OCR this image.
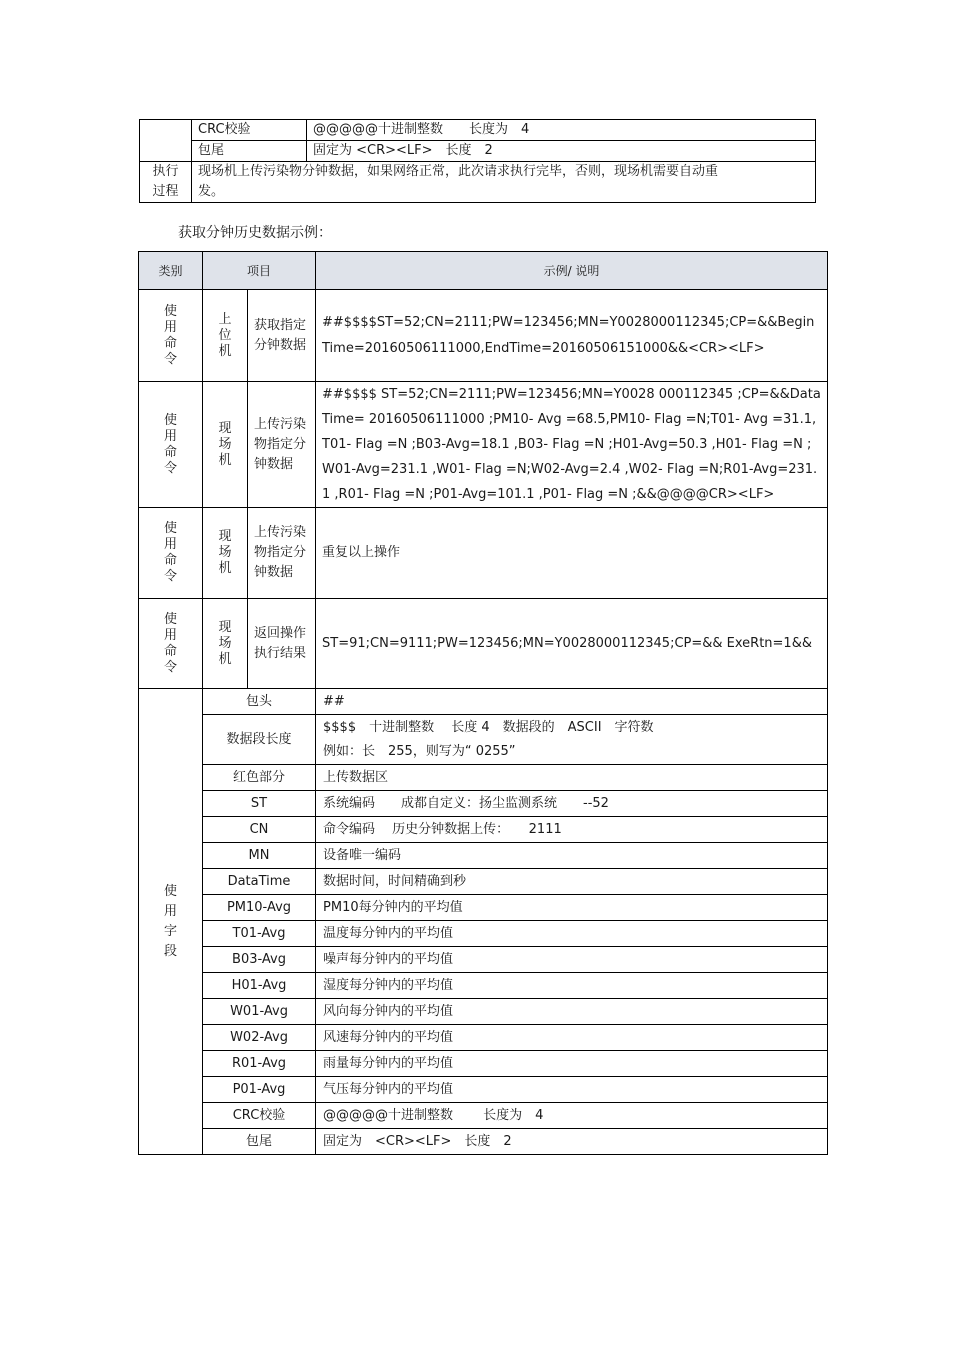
	CRC校验	@@@@@十进制整数　　长度为　4
	包尾	固定为 <CR><LF>　长度　2
执行过程	现场机上传污染物分钟数据，如果网络正常，此次请求执行完毕，否则，现场机需要自动重发。	

获取分钟历史数据示例：

类别	项目		示例/ 说明

使用命令	上位机	获取指定分钟数据	##$$$$ST=52;CN=2111;PW=123456;MN=Y0028000112345;CP=&&BeginTime=20160506111000,EndTime=20160506151000&&<CR><LF>

使用命令	现场机	上传污染物指定分钟数据	##$$$$ ST=52;CN=2111;PW=123456;MN=Y0028 000112345 ;CP=&&DataTime= 20160506111000 ;PM10- Avg =68.5,PM10- Flag =N;T01- Avg =31.1,T01- Flag =N ;B03-Avg=18.1 ,B03- Flag =N ;H01-Avg=50.3 ,H01- Flag =N ;W01-Avg=231.1 ,W01- Flag =N;W02-Avg=2.4 ,W02- Flag =N;R01-Avg=231.1 ,R01- Flag =N ;P01-Avg=101.1 ,P01- Flag =N ;&&@@@@CR><LF>

使用命令	现场机	上传污染物指定分钟数据	重复以上操作

使用命令	现场机	返回操作执行结果	ST=91;CN=9111;PW=123456;MN=Y0028000112345;CP=&& ExeRtn=1&&

使用字段	包头		##
	数据段长度		$$$$　十进制整数　 长度 4　数据段的　ASCII　字符数
例如：长　255，则写为“ 0255”

	红色部分		上传数据区
	ST		系统编码　　成都自定义：扬尘监测系统　　--52
	CN		命令编码　 历史分钟数据上传：　　2111
	MN		设备唯一编码
	DataTime		数据时间，时间精确到秒
	PM10-Avg		PM10每分钟内的平均值
	T01-Avg		温度每分钟内的平均值
	B03-Avg		噪声每分钟内的平均值
	H01-Avg		湿度每分钟内的平均值
	W01-Avg		风向每分钟内的平均值
	W02-Avg		风速每分钟内的平均值
	R01-Avg		雨量每分钟内的平均值
	P01-Avg		气压每分钟内的平均值
	CRC校验		@@@@@十进制整数　　 长度为　4
	包尾		固定为　<CR><LF>　长度　2
